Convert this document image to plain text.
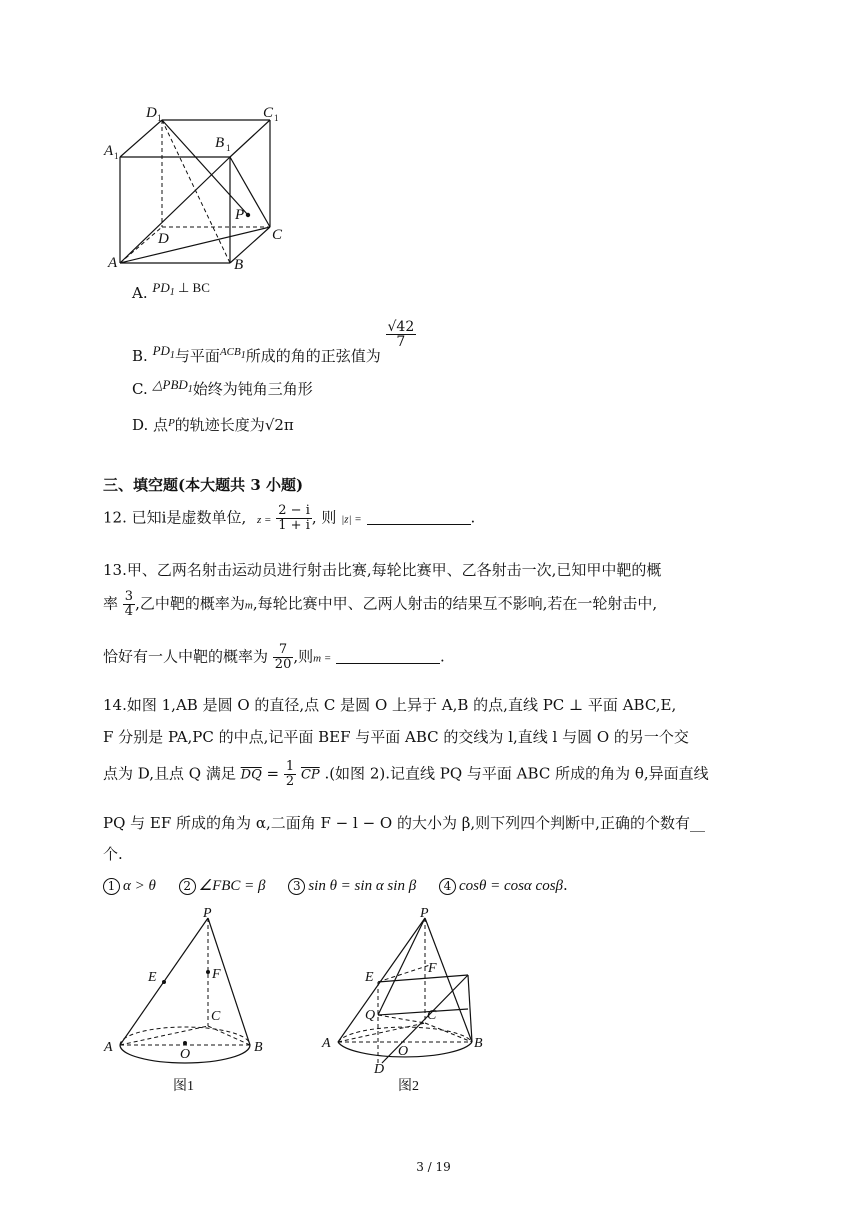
D 1	C 1
A 1
B 1
P
D	C
A	B
A. $PD_1$ ⊥ BC
B. $PD_1$与平面$^{ACB1}$所成的角的正弦值为
$\frac{√42}{7}$
C. $\triangle PBD_1$始终为钝角三角形
D. 点$^P$的轨迹长度为√2π
三、填空题(本大题共 3 小题)
12. 已知i是虚数单位, $z = \frac{2 - i}{1 + i}$ , 则 |z| =	.
13.甲、乙两名射击运动员进行射击比赛,每轮比赛甲、乙各射击一次,已知甲中靶的概
率 $\frac{3}{4}$ ,乙中靶的概率为m,每轮比赛中甲、乙两人射击的结果互不影响,若在一轮射击中,
恰好有一人中靶的概率为 $\frac{7}{20}$ ,则m =	.
14.如图 1,AB 是圆 O 的直径,点 C 是圆 O 上异于 A,B 的点,直线 PC ⊥ 平面 ABC,E,
F 分别是 PA,PC 的中点,记平面 BEF 与平面 ABC 的交线为 l,直线 l 与圆 O 的另一个交
点为 D,且点 Q 满足 $\overline{DQ} = \frac{1}{2} \overline{CP}$ .(如图 2).记直线 PQ 与平面 ABC 所成的角为 θ,异面直线
PQ 与 EF 所成的角为 α,二面角 F − l − O 的大小为 β,则下列四个判断中,正确的个数有__
个.
1 α > θ 2 ∠FBC = β 3 sin θ = sin α sin β 4 cosθ = cosα cosβ.
P
E	F
C
A	O	B
图1
P
E
F
Q	C
A
O
B
D
图2
3 / 19
